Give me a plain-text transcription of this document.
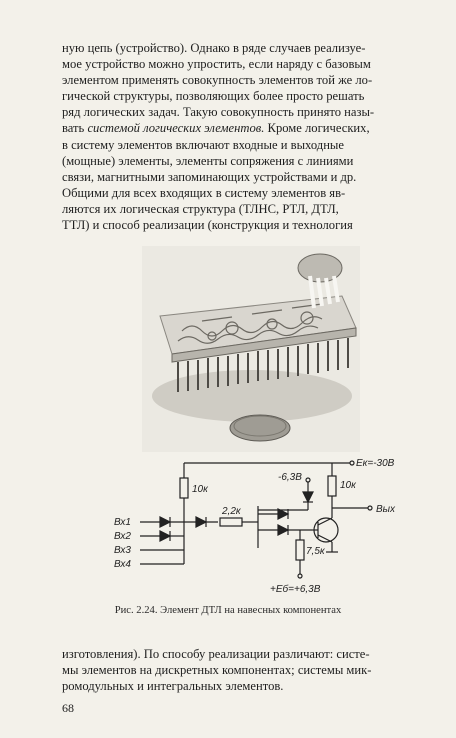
ную цепь (устройство). Однако в ряде случаев реализуе-
мое устройство можно упростить, если наряду с базовым
элементом применять совокупность элементов той же ло-
гической структуры, позволяющих более просто решать
ряд логических задач. Такую совокупность принято назы-
вать системой логических элементов. Кроме логических,
в систему элементов включают входные и выходные
(мощные) элементы, элементы сопряжения с линиями
связи, магнитными запоминающих устройствами и др.
Общими для всех входящих в систему элементов яв-
ляются их логическая структура (ТЛНС, РТЛ, ДТЛ,
ТТЛ) и способ реализации (конструкция и технология
10к
2,2к
10к
7,5к
-6,3В
Eк=-30В
+Eб=+6,3В
Вых
Вх1
Вх2
Вх3
Вх4
Рис. 2.24. Элемент ДТЛ на навесных компонентах
изготовления). По способу реализации различают: систе-
мы элементов на дискретных компонентах; системы мик-
ромодульных и интегральных элементов.
68
